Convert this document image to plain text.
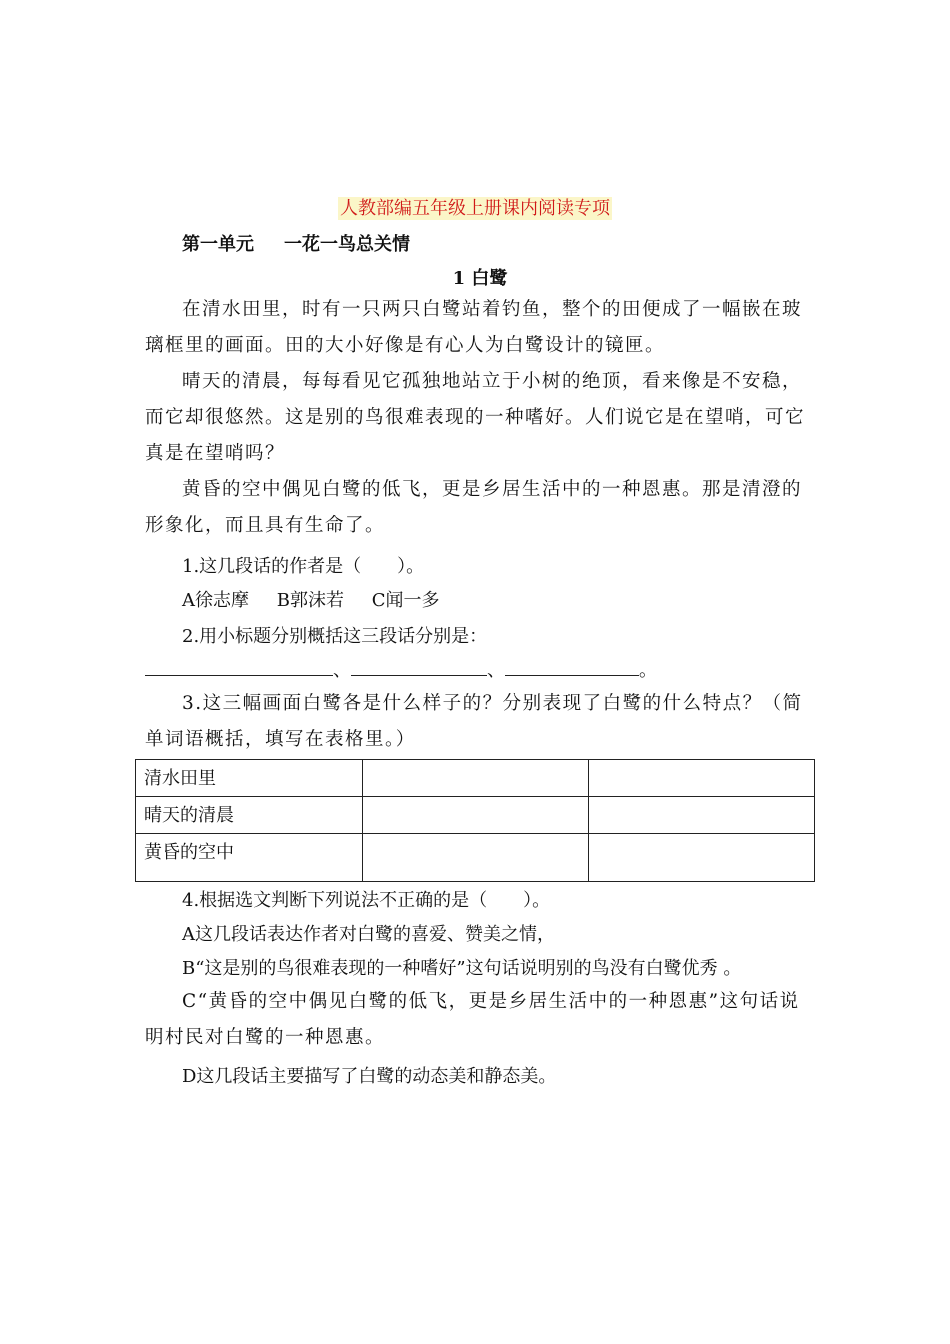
人教部编五年级上册课内阅读专项
第一单元 一花一鸟总关情
1 白鹭
在清水田里，时有一只两只白鹭站着钓鱼，整个的田便成了一幅嵌在玻璃框里的画面。田的大小好像是有心人为白鹭设计的镜匣。
晴天的清晨，每每看见它孤独地站立于小树的绝顶，看来像是不安稳，而它却很悠然。这是别的鸟很难表现的一种嗜好。人们说它是在望哨，可它真是在望哨吗？
黄昏的空中偶见白鹭的低飞，更是乡居生活中的一种恩惠。那是清澄的形象化，而且具有生命了。
1.这几段话的作者是（　　）。
A徐志摩 B郭沫若 C闻一多
2.用小标题分别概括这三段话分别是：
、	、	。
3.这三幅画面白鹭各是什么样子的？分别表现了白鹭的什么特点？（简单词语概括，填写在表格里。）
清水田里		
晴天的清晨		
黄昏的空中		
4.根据选文判断下列说法不正确的是（　　）。
A这几段话表达作者对白鹭的喜爱、赞美之情，
B“这是别的鸟很难表现的一种嗜好”这句话说明别的鸟没有白鹭优秀 。
C“黄昏的空中偶见白鹭的低飞，更是乡居生活中的一种恩惠”这句话说明村民对白鹭的一种恩惠。
D这几段话主要描写了白鹭的动态美和静态美。
